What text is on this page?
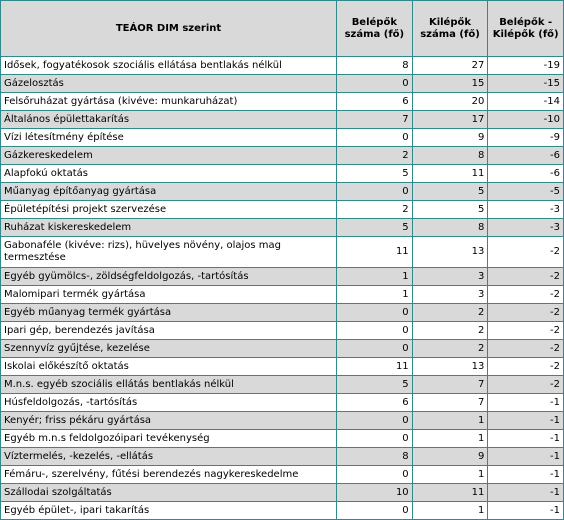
TEÁOR DIM szerint	Belépők száma (fő)	Kilépők száma (fő)	Belépők - Kilépők (fő)
Idősek, fogyatékosok szociális ellátása bentlakás nélkül	8	27	-19
Gázelosztás	0	15	-15
Felsőruházat gyártása (kivéve: munkaruházat)	6	20	-14
Általános épülettakarítás	7	17	-10
Vízi létesítmény építése	0	9	-9
Gázkereskedelem	2	8	-6
Alapfokú oktatás	5	11	-6
Műanyag építőanyag gyártása	0	5	-5
Épületépítési projekt szervezése	2	5	-3
Ruházat kiskereskedelem	5	8	-3
Gabonaféle (kivéve: rizs), hüvelyes növény, olajos mag termesztése	11	13	-2
Egyéb gyümölcs-, zöldségfeldolgozás, -tartósítás	1	3	-2
Malomipari termék gyártása	1	3	-2
Egyéb műanyag termék gyártása	0	2	-2
Ipari gép, berendezés javítása	0	2	-2
Szennyvíz gyűjtése, kezelése	0	2	-2
Iskolai előkészítő oktatás	11	13	-2
M.n.s. egyéb szociális ellátás bentlakás nélkül	5	7	-2
Húsfeldolgozás, -tartósítás	6	7	-1
Kenyér; friss pékáru gyártása	0	1	-1
Egyéb m.n.s feldolgozóipari tevékenység	0	1	-1
Víztermelés, -kezelés, -ellátás	8	9	-1
Fémáru-, szerelvény, fűtési berendezés nagykereskedelme	0	1	-1
Szállodai szolgáltatás	10	11	-1
Egyéb épület-, ipari takarítás	0	1	-1
